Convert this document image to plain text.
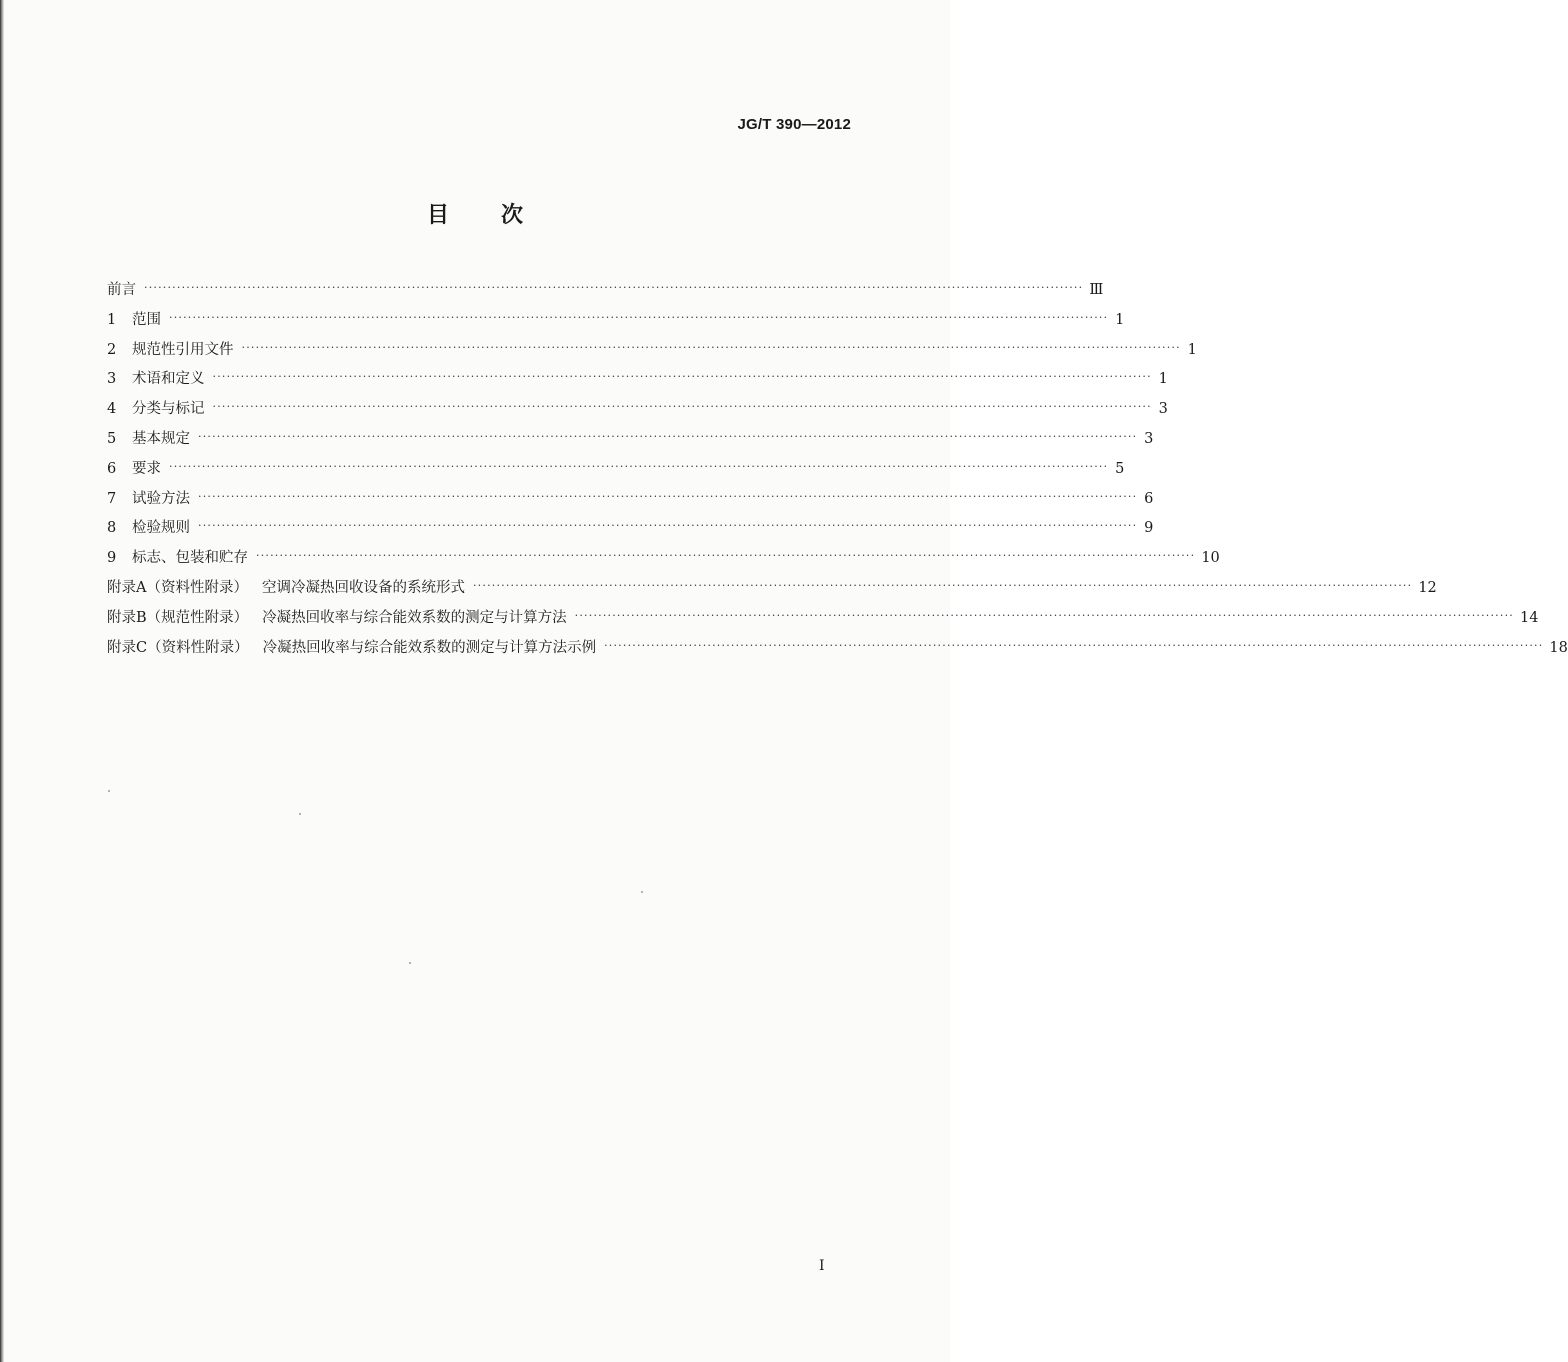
JG/T 390—2012
目次
前言 ········································································································································································································ Ⅲ
1	范围 ········································································································································································································ 1
2	规范性引用文件 ········································································································································································································ 1
3	术语和定义 ········································································································································································································ 1
4	分类与标记 ········································································································································································································ 3
5	基本规定 ········································································································································································································ 3
6	要求 ········································································································································································································ 5
7	试验方法 ········································································································································································································ 6
8	检验规则 ········································································································································································································ 9
9	标志、包装和贮存 ········································································································································································································ 10
附录A（资料性附录） 空调冷凝热回收设备的系统形式 ········································································································································································································ 12
附录B（规范性附录） 冷凝热回收率与综合能效系数的测定与计算方法 ········································································································································································································ 14
附录C（资料性附录） 冷凝热回收率与综合能效系数的测定与计算方法示例 ········································································································································································································ 18
I
